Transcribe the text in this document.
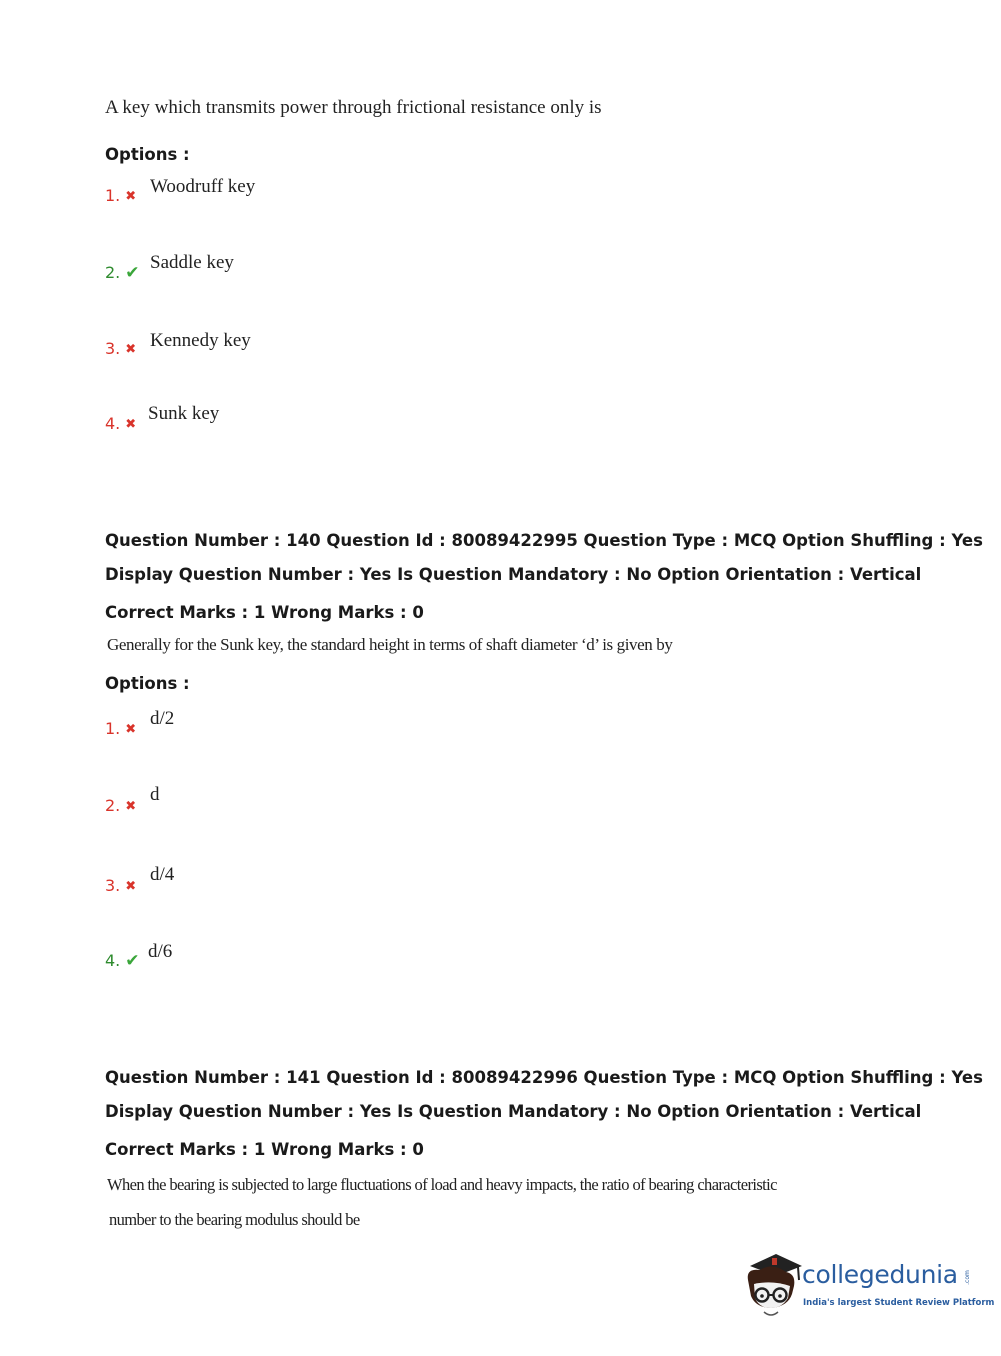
A key which transmits power through frictional resistance only is
Options :
1. ✖ Woodruff key
2. ✔ Saddle key
3. ✖ Kennedy key
4. ✖
Sunk key
Question Number : 140 Question Id : 80089422995 Question Type : MCQ Option Shuffling : Yes
Display Question Number : Yes Is Question Mandatory : No Option Orientation : Vertical
Correct Marks : 1 Wrong Marks : 0
Generally for the Sunk key, the standard height in terms of shaft diameter ‘d’ is given by
Options :
1. ✖
d/2
2. ✖
d
3. ✖
d/4
4. ✔ d/6
Question Number : 141 Question Id : 80089422996 Question Type : MCQ Option Shuffling : Yes
Display Question Number : Yes Is Question Mandatory : No Option Orientation : Vertical
Correct Marks : 1 Wrong Marks : 0
When the bearing is subjected to large fluctuations of load and heavy impacts, the ratio of bearing characteristic
number to the bearing modulus should be
collegedunia .com
India's largest Student Review Platform
